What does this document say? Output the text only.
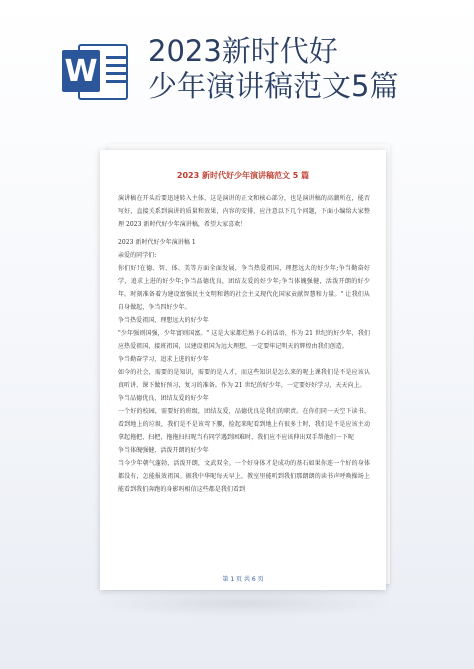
W
2023新时代好
少年演讲稿范文5篇
2023 新时代好少年演讲稿范文 5 篇

演讲稿在开头后要迅速转入主体，这是演讲的正文和核心部分，也是演讲稿的高潮所在，能否写好，直接关系到演讲的质量和效果，内容的安排，应注意以下几个问题，下面小编给大家整理 2023 新时代好少年演讲稿，希望大家喜欢！

2023 新时代好少年演讲稿 1

亲爱的同学们:

你们好!在德、智、体、美等方面全面发展，争当热爱祖国，理想远大的好少年;争当勤奋好学，追求上进的好少年;争当品德优良，团结友爱的好少年;争当体魄强健，活泼开朗的好少年。时刻准备着为建设富强民主文明和谐的社会主义现代化国家贡献智慧和力量。" 让我们从自身做起，争当四好少年。

争当热爱祖国，理想远大的好少年

"少年强则国强，少年富则国富。" 这是大家都烂熟于心的话语，作为 21 世纪的好少年，我们应热爱祖国，接班祖国，以建设祖国为远大理想，一定要牢记明天的辉煌由我们创造。

争当勤奋学习，追求上进的好少年

如今的社会，需要的是知识，需要的是人才，而这些知识是怎么来的呢上课我们是不是应该认真听讲，课下做好预习，复习的准备。作为 21 世纪的好少年，一定要好好学习，天天向上。

争当品德优良，团结友爱的好少年

一个好的校园，需要好的班级，团结友爱，品德优良是我们的职责。在你们同一天空下读书，看到地上的垃圾，我们是不是该弯下腰，捡起来呢看到地上有很多土时，我们是不是应该主动拿起拖把、扫把，拖拖扫扫呢当有同学遇到困难时，我们应不应该伸出双手帮他们一下呢

争当体魄强健，活泼开朗的好少年

当今少年朝气蓬勃，活泼开朗，文武双全。一个好身体才是成功的基石如果你连一个好的身体都没有，怎能报效祖国。振我中华呢每天早上，教室里能听到我们那朗朗的读书声呼唤操场上能看到我们奔跑的身影吗相信这些都是我们看到

第 1 页 共 6 页
